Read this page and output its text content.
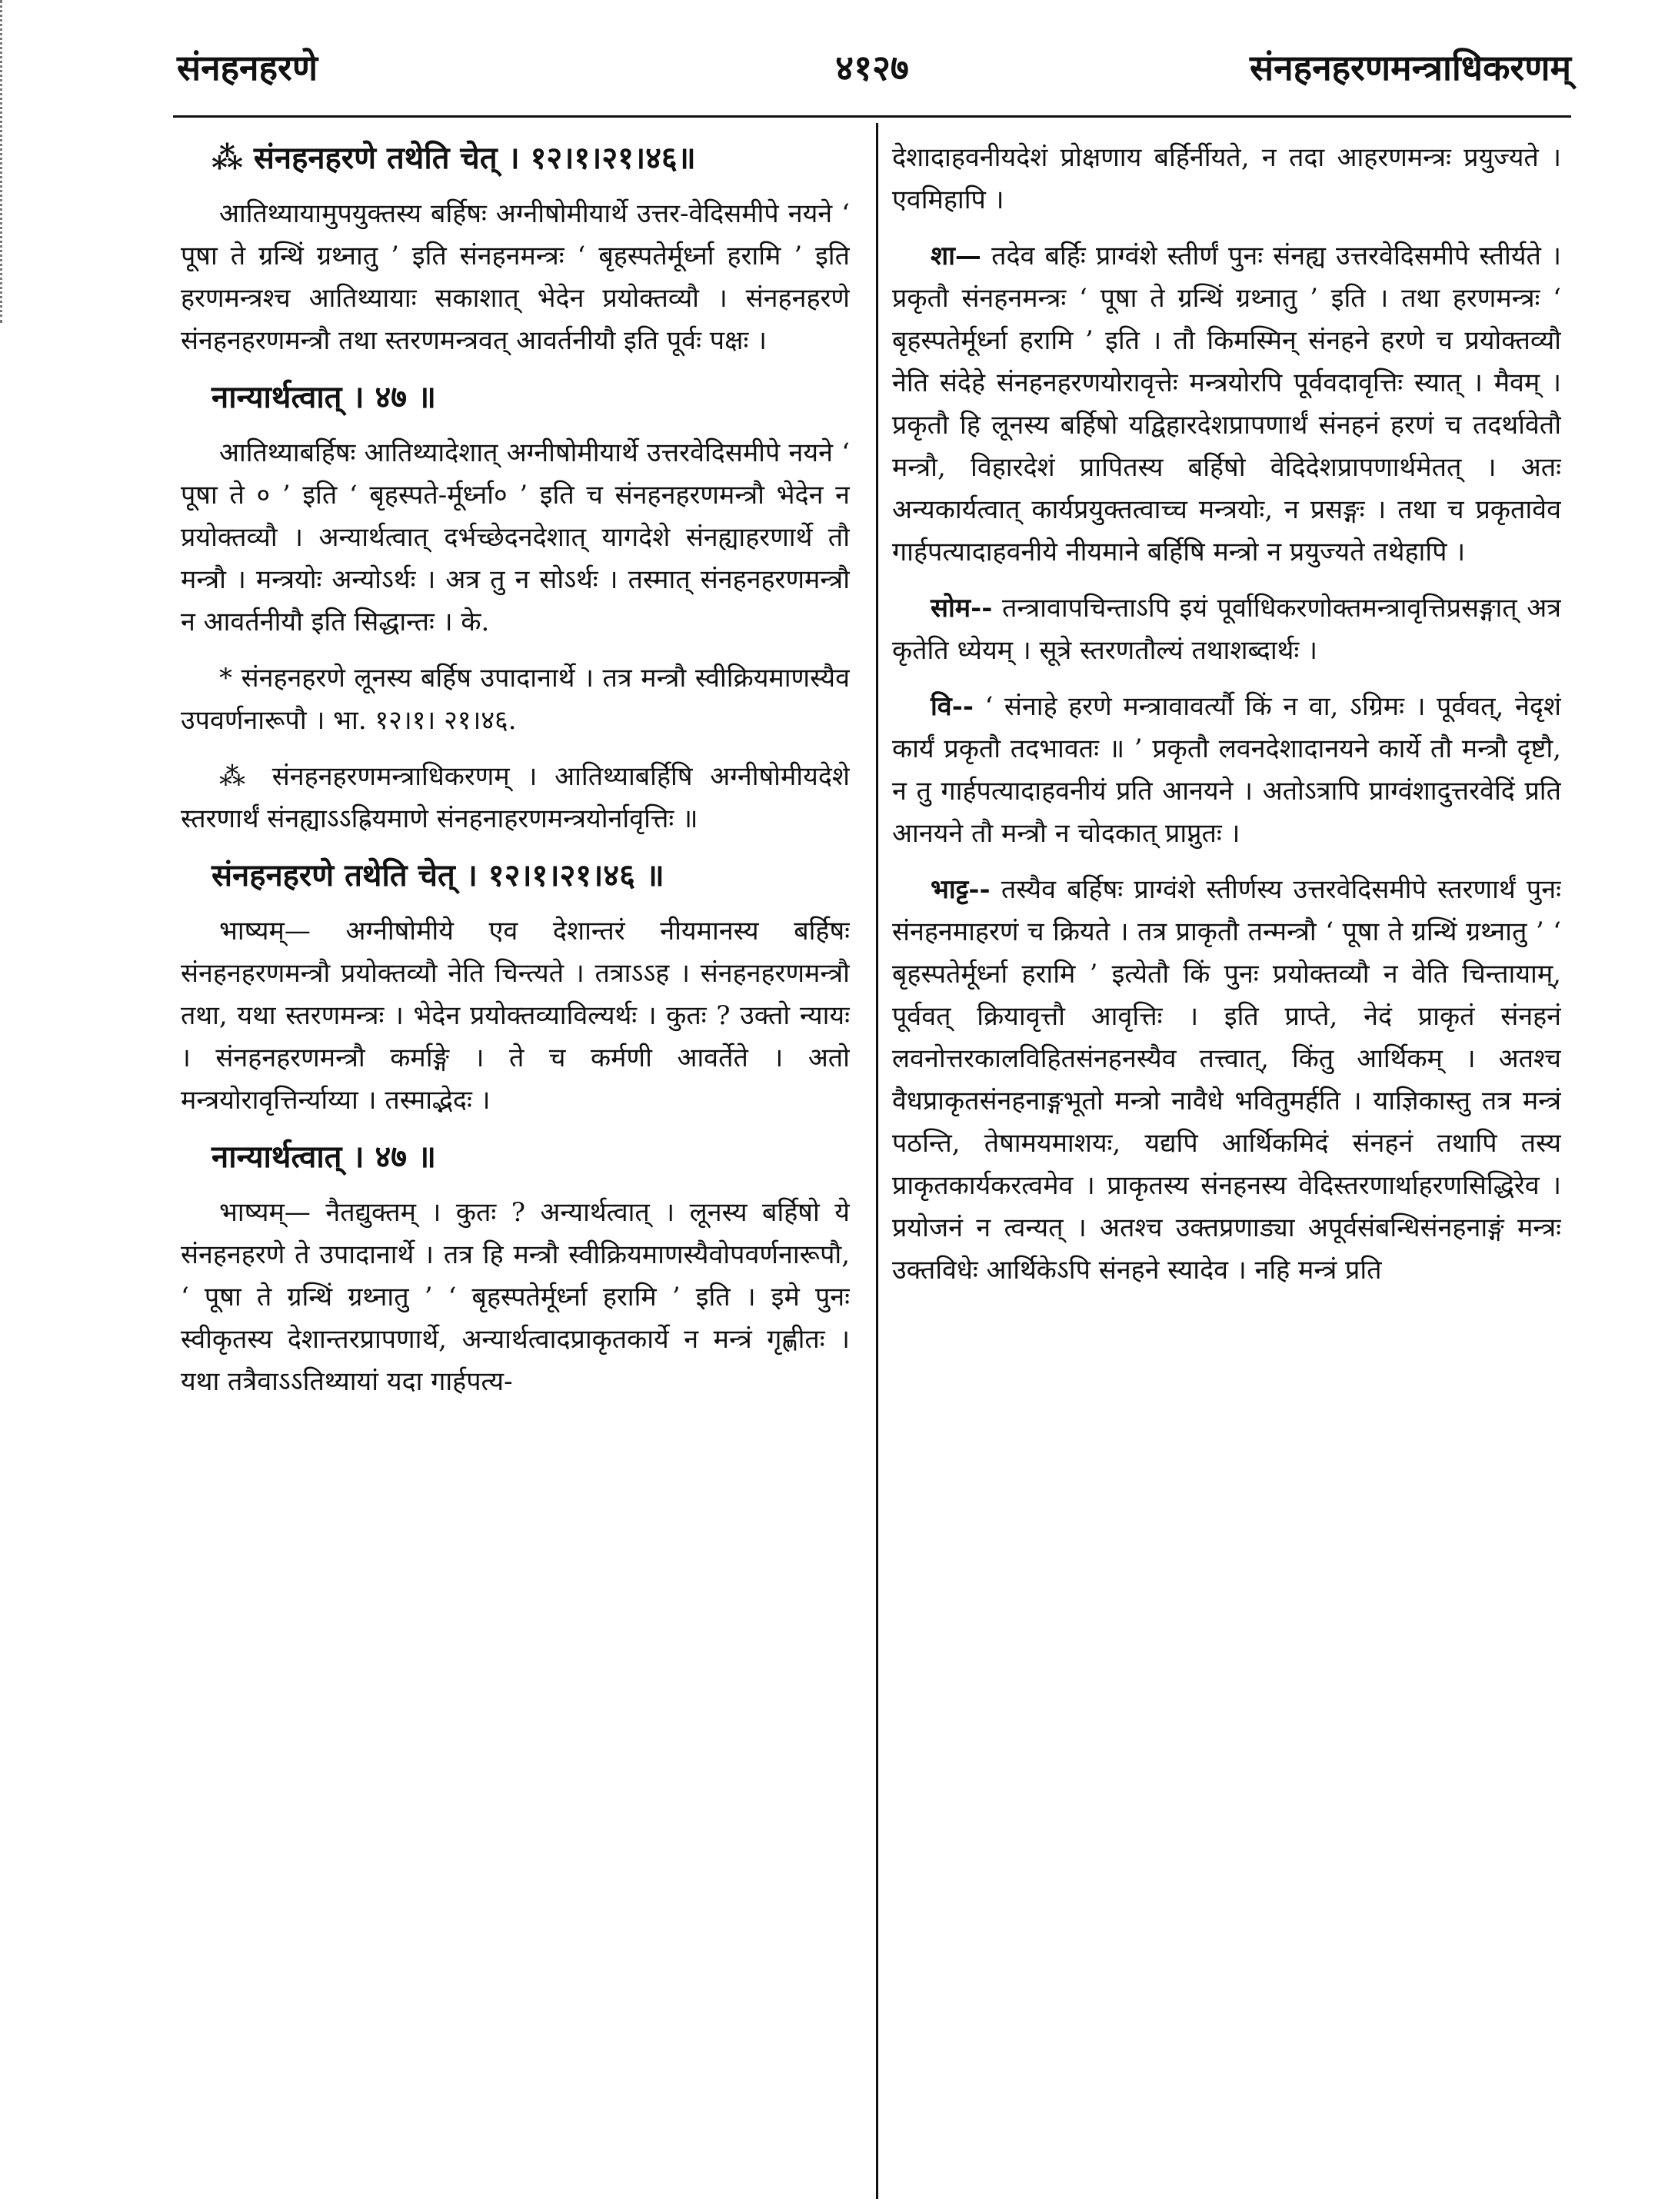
संनहनहरणे	४१२७	संनहनहरणमन्त्राधिकरणम्

⁂ संनहनहरणे तथेति चेत् । १२।१।२१।४६॥

आतिथ्यायामुपयुक्तस्य बर्हिषः अग्नीषोमीयार्थे उत्तर-वेदिसमीपे नयने ‘ पूषा ते ग्रन्थिं ग्रथ्नातु ’ इति संनहनमन्त्रः ‘ बृहस्पतेर्मूर्ध्ना हरामि ’ इति हरणमन्त्रश्च आतिथ्यायाः सकाशात् भेदेन प्रयोक्तव्यौ । संनहनहरणे संनहनहरणमन्त्रौ तथा स्तरणमन्त्रवत् आवर्तनीयौ इति पूर्वः पक्षः ।

नान्यार्थत्वात् । ४७ ॥

आतिथ्याबर्हिषः आतिथ्यादेशात् अग्नीषोमीयार्थे उत्तरवेदिसमीपे नयने ‘ पूषा ते ० ’ इति ‘ बृहस्पते-र्मूर्ध्ना० ’ इति च संनहनहरणमन्त्रौ भेदेन न प्रयोक्तव्यौ । अन्यार्थत्वात् दर्भच्छेदनदेशात् यागदेशे संनह्याहरणार्थे तौ मन्त्रौ । मन्त्रयोः अन्योऽर्थः । अत्र तु न सोऽर्थः । तस्मात् संनहनहरणमन्त्रौ न आवर्तनीयौ इति सिद्धान्तः । के.

* संनहनहरणे लूनस्य बर्हिष उपादानार्थे । तत्र मन्त्रौ स्वीक्रियमाणस्यैव उपवर्णनारूपौ । भा. १२।१। २१।४६.

⁂ संनहनहरणमन्त्राधिकरणम् । आतिथ्याबर्हिषि अग्नीषोमीयदेशे स्तरणार्थं संनह्याऽऽह्रियमाणे संनहनाहरणमन्त्रयोर्नावृत्तिः ॥

संनहनहरणे तथेति चेत् । १२।१।२१।४६ ॥

भाष्यम्— अग्नीषोमीये एव देशान्तरं नीयमानस्य बर्हिषः संनहनहरणमन्त्रौ प्रयोक्तव्यौ नेति चिन्त्यते । तत्राऽऽह । संनहनहरणमन्त्रौ तथा, यथा स्तरणमन्त्रः । भेदेन प्रयोक्तव्याविल्यर्थः । कुतः ? उक्तो न्यायः । संनहनहरणमन्त्रौ कर्माङ्गे । ते च कर्मणी आवर्तेते । अतो मन्त्रयोरावृत्तिर्न्याय्या । तस्माद्भेदः ।

नान्यार्थत्वात् । ४७ ॥

भाष्यम्— नैतद्युक्तम् । कुतः ? अन्यार्थत्वात् । लूनस्य बर्हिषो ये संनहनहरणे ते उपादानार्थे । तत्र हि मन्त्रौ स्वीक्रियमाणस्यैवोपवर्णनारूपौ, ‘ पूषा ते ग्रन्थिं ग्रथ्नातु ’ ‘ बृहस्पतेर्मूर्ध्ना हरामि ’ इति । इमे पुनः स्वीकृतस्य देशान्तरप्रापणार्थे, अन्यार्थत्वादप्राकृतकार्ये न मन्त्रं गृह्णीतः । यथा तत्रैवाऽऽतिथ्यायां यदा गार्हपत्य-

देशादाहवनीयदेशं प्रोक्षणाय बर्हिर्नीयते, न तदा आहरणमन्त्रः प्रयुज्यते । एवमिहापि ।

शा— तदेव बर्हिः प्राग्वंशे स्तीर्णं पुनः संनह्य उत्तरवेदिसमीपे स्तीर्यते । प्रकृतौ संनहनमन्त्रः ‘ पूषा ते ग्रन्थिं ग्रथ्नातु ’ इति । तथा हरणमन्त्रः ‘ बृहस्पतेर्मूर्ध्ना हरामि ’ इति । तौ किमस्मिन् संनहने हरणे च प्रयोक्तव्यौ नेति संदेहे संनहनहरणयोरावृत्तेः मन्त्रयोरपि पूर्ववदावृत्तिः स्यात् । मैवम् । प्रकृतौ हि लूनस्य बर्हिषो यद्विहारदेशप्रापणार्थं संनहनं हरणं च तदर्थावेतौ मन्त्रौ, विहारदेशं प्रापितस्य बर्हिषो वेदिदेशप्रापणार्थमेतत् । अतः अन्यकार्यत्वात् कार्यप्रयुक्तत्वाच्च मन्त्रयोः, न प्रसङ्गः । तथा च प्रकृतावेव गार्हपत्यादाहवनीये नीयमाने बर्हिषि मन्त्रो न प्रयुज्यते तथेहापि ।

सोम-- तन्त्रावापचिन्ताऽपि इयं पूर्वाधिकरणोक्तमन्त्रावृत्तिप्रसङ्गात् अत्र कृतेति ध्येयम् । सूत्रे स्तरणतौल्यं तथाशब्दार्थः ।

वि-- ‘ संनाहे हरणे मन्त्रावावर्त्यौ किं न वा, ऽग्रिमः । पूर्ववत्, नेदृशं कार्यं प्रकृतौ तदभावतः ॥ ’ प्रकृतौ लवनदेशादानयने कार्ये तौ मन्त्रौ दृष्टौ, न तु गार्हपत्यादाहवनीयं प्रति आनयने । अतोऽत्रापि प्राग्वंशादुत्तरवेदिं प्रति आनयने तौ मन्त्रौ न चोदकात् प्राप्नुतः ।

भाट्ट-- तस्यैव बर्हिषः प्राग्वंशे स्तीर्णस्य उत्तरवेदिसमीपे स्तरणार्थं पुनः संनहनमाहरणं च क्रियते । तत्र प्राकृतौ तन्मन्त्रौ ‘ पूषा ते ग्रन्थिं ग्रथ्नातु ’ ‘ बृहस्पतेर्मूर्ध्ना हरामि ’ इत्येतौ किं पुनः प्रयोक्तव्यौ न वेति चिन्तायाम्, पूर्ववत् क्रियावृत्तौ आवृत्तिः । इति प्राप्ते, नेदं प्राकृतं संनहनं लवनोत्तरकालविहितसंनहनस्यैव तत्त्वात्, किंतु आर्थिकम् । अतश्च वैधप्राकृतसंनहनाङ्गभूतो मन्त्रो नावैधे भवितुमर्हति । याज्ञिकास्तु तत्र मन्त्रं पठन्ति, तेषामयमाशयः, यद्यपि आर्थिकमिदं संनहनं तथापि तस्य प्राकृतकार्यकरत्वमेव । प्राकृतस्य संनहनस्य वेदिस्तरणार्थाहरणसिद्धिरेव । प्रयोजनं न त्वन्यत् । अतश्च उक्तप्रणाड्या अपूर्वसंबन्धिसंनहनाङ्गं मन्त्रः उक्तविधेः आर्थिकेऽपि संनहने स्यादेव । नहि मन्त्रं प्रति
